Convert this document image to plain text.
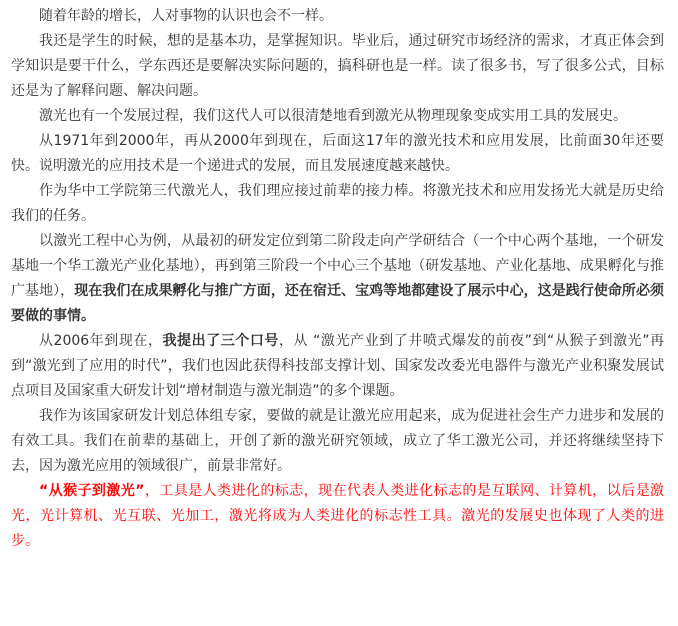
随着年龄的增长，人对事物的认识也会不一样。

我还是学生的时候，想的是基本功，是掌握知识。毕业后，通过研究市场经济的需求，才真正体会到学知识是要干什么，学东西还是要解决实际问题的，搞科研也是一样。读了很多书，写了很多公式，目标还是为了解释问题、解决问题。

激光也有一个发展过程，我们这代人可以很清楚地看到激光从物理现象变成实用工具的发展史。

从1971年到2000年，再从2000年到现在，后面这17年的激光技术和应用发展，比前面30年还要快。说明激光的应用技术是一个递进式的发展，而且发展速度越来越快。

作为华中工学院第三代激光人，我们理应接过前辈的接力棒。将激光技术和应用发扬光大就是历史给我们的任务。

以激光工程中心为例，从最初的研发定位到第二阶段走向产学研结合（一个中心两个基地，一个研发基地一个华工激光产业化基地），再到第三阶段一个中心三个基地（研发基地、产业化基地、成果孵化与推广基地），现在我们在成果孵化与推广方面，还在宿迁、宝鸡等地都建设了展示中心，这是践行使命所必须要做的事情。

从2006年到现在，我提出了三个口号，从 “激光产业到了井喷式爆发的前夜”到“从猴子到激光”再到“激光到了应用的时代”，我们也因此获得科技部支撑计划、国家发改委光电器件与激光产业积聚发展试点项目及国家重大研发计划“增材制造与激光制造”的多个课题。

我作为该国家研发计划总体组专家，要做的就是让激光应用起来，成为促进社会生产力进步和发展的有效工具。我们在前辈的基础上，开创了新的激光研究领域，成立了华工激光公司，并还将继续坚持下去，因为激光应用的领域很广，前景非常好。

“从猴子到激光”，工具是人类进化的标志，现在代表人类进化标志的是互联网、计算机，以后是激光，光计算机、光互联、光加工，激光将成为人类进化的标志性工具。激光的发展史也体现了人类的进步。
